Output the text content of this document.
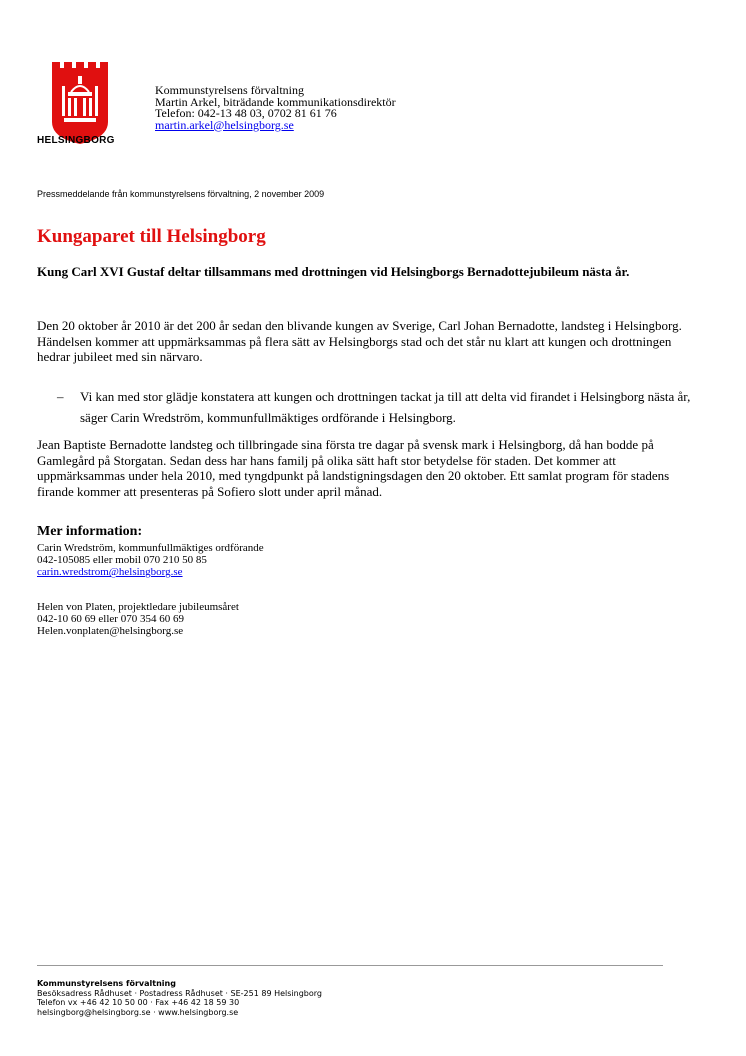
HELSINGBORG
Kommunstyrelsens förvaltning
Martin Arkel, biträdande kommunikationsdirektör
Telefon: 042-13 48 03, 0702 81 61 76
martin.arkel@helsingborg.se
Pressmeddelande från kommunstyrelsens förvaltning, 2 november 2009
Kungaparet till Helsingborg
Kung Carl XVI Gustaf deltar tillsammans med drottningen vid Helsingborgs Bernadottejubileum nästa år.
Den 20 oktober år 2010 är det 200 år sedan den blivande kungen av Sverige, Carl Johan Bernadotte, landsteg i Helsingborg. Händelsen kommer att uppmärksammas på flera sätt av Helsingborgs stad och det står nu klart att kungen och drottningen hedrar jubileet med sin närvaro.
– Vi kan med stor glädje konstatera att kungen och drottningen tackat ja till att delta vid firandet i Helsingborg nästa år, säger Carin Wredström, kommunfullmäktiges ordförande i Helsingborg.
Jean Baptiste Bernadotte landsteg och tillbringade sina första tre dagar på svensk mark i Helsingborg, då han bodde på Gamlegård på Storgatan. Sedan dess har hans familj på olika sätt haft stor betydelse för staden. Det kommer att uppmärksammas under hela 2010, med tyngdpunkt på landstigningsdagen den 20 oktober. Ett samlat program för stadens firande kommer att presenteras på Sofiero slott under april månad.
Mer information:
Carin Wredström, kommunfullmäktiges ordförande
042-105085 eller mobil 070 210 50 85
carin.wredstrom@helsingborg.se
Helen von Platen, projektledare jubileumsåret
042-10 60 69 eller 070 354 60 69
Helen.vonplaten@helsingborg.se
Kommunstyrelsens förvaltning
Besöksadress Rådhuset · Postadress Rådhuset · SE-251 89 Helsingborg
Telefon vx +46 42 10 50 00 · Fax +46 42 18 59 30
helsingborg@helsingborg.se · www.helsingborg.se
